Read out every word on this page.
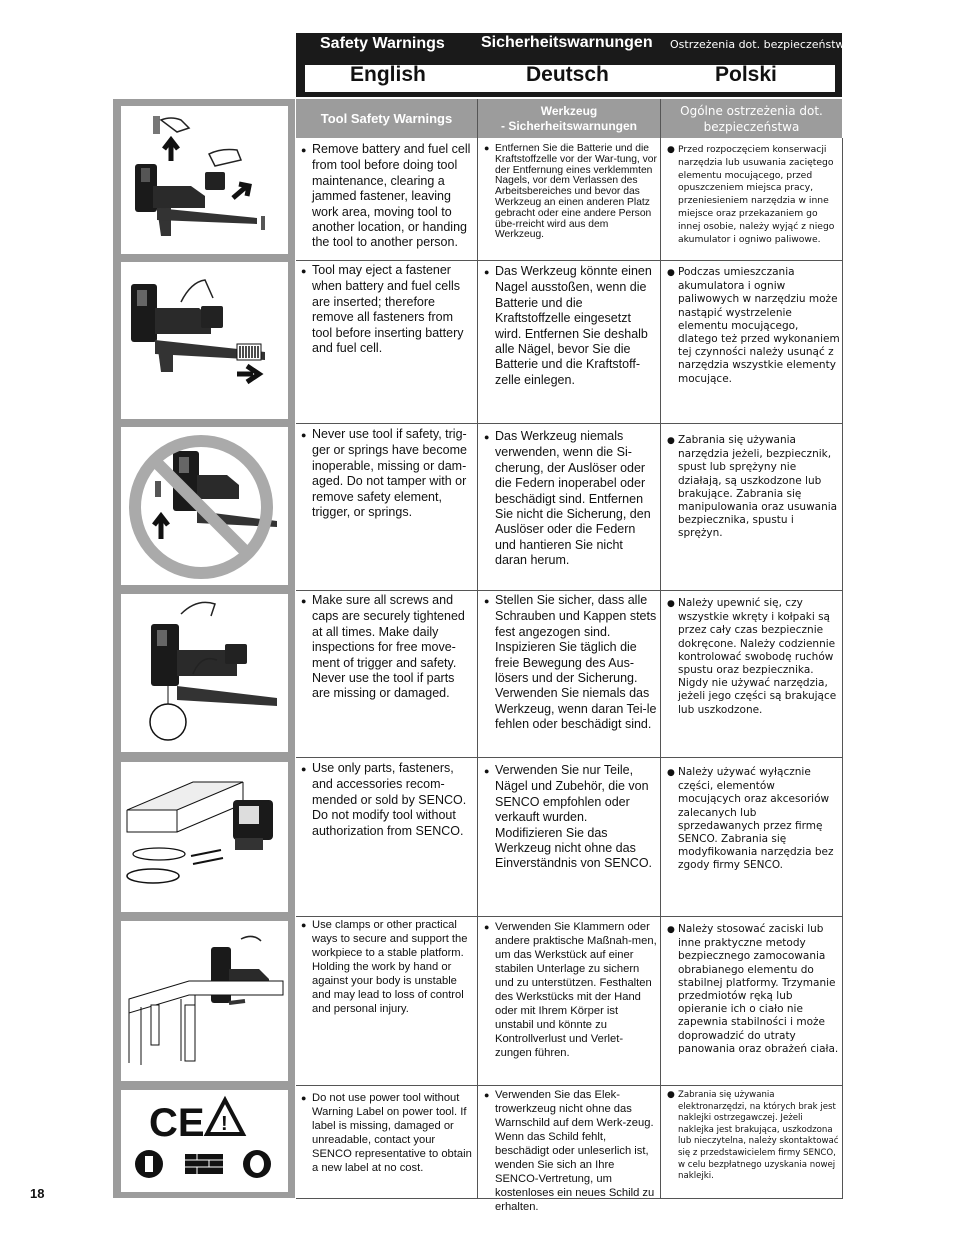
Safety Warnings Sicherheitswarnungen Ostrzeżenia dot. bezpieczeństwa
English	Deutsch	Polski
CE !
Tool Safety Warnings
Werkzeug
- Sicherheitswarnungen
Ogólne ostrzeżenia dot. bezpieczeństwa

● Remove battery and fuel cell from tool before doing tool maintenance, clearing a jammed fastener, leaving work area, moving tool to another location, or handing the tool to another person.

● Entfernen Sie die Batterie und die Kraftstoffzelle vor der War-tung, vor der Entfernung eines verklemmten Nagels, vor dem Verlassen des Arbeitsbereiches und bevor das Werkzeug an einen anderen Platz gebracht oder eine andere Person übe-rreicht wird aus dem Werkzeug.

● Przed rozpoczęciem konserwacji narzędzia lub usuwania zaciętego elementu mocującego, przed opuszczeniem miejsca pracy, przeniesieniem narzędzia w inne miejsce oraz przekazaniem go innej osobie, należy wyjąć z niego akumulator i ogniwo paliwowe.

● Tool may eject a fastener when battery and fuel cells are inserted; therefore remove all fasteners from tool before inserting battery and fuel cell.

● Das Werkzeug könnte einen Nagel ausstoßen, wenn die Batterie und die Kraftstoffzelle eingesetzt wird. Entfernen Sie deshalb alle Nägel, bevor Sie die Batterie und die Kraftstoff-zelle einlegen.

● Podczas umieszczania akumulatora i ogniw paliwowych w narzędziu może nastąpić wystrzelenie elementu mocującego, dlatego też przed wykonaniem tej czynności należy usunąć z narzędzia wszystkie elementy mocujące.

● Never use tool if safety, trig-ger or springs have become inoperable, missing or dam-aged. Do not tamper with or remove safety element, trigger, or springs.

● Das Werkzeug niemals verwenden, wenn die Si-cherung, der Auslöser oder die Federn inoperabel oder beschädigt sind. Entfernen Sie nicht die Sicherung, den Auslöser oder die Federn und hantieren Sie nicht daran herum.

● Zabrania się używania narzędzia jeżeli, bezpiecznik, spust lub sprężyny nie działają, są uszkodzone lub brakujące. Zabrania się manipulowania oraz usuwania bezpiecznika, spustu i sprężyn.

● Make sure all screws and caps are securely tightened at all times. Make daily inspections for free move-ment of trigger and safety. Never use the tool if parts are missing or damaged.

● Stellen Sie sicher, dass alle Schrauben und Kappen stets fest angezogen sind. Inspizieren Sie täglich die freie Bewegung des Aus-lösers und der Sicherung. Verwenden Sie niemals das Werkzeug, wenn daran Tei-le fehlen oder beschädigt sind.

● Należy upewnić się, czy wszystkie wkręty i kołpaki są przez cały czas bezpiecznie dokręcone. Należy codziennie kontrolować swobodę ruchów spustu oraz bezpiecznika. Nigdy nie używać narzędzia, jeżeli jego części są brakujące lub uszkodzone.

● Use only parts, fasteners, and accessories recom-mended or sold by SENCO. Do not modify tool without authorization from SENCO.

● Verwenden Sie nur Teile, Nägel und Zubehör, die von SENCO empfohlen oder verkauft wurden. Modifizieren Sie das Werkzeug nicht ohne das Einverständnis von SENCO.

● Należy używać wyłącznie części, elementów mocujących oraz akcesoriów zalecanych lub sprzedawanych przez firmę SENCO. Zabrania się modyfikowania narzędzia bez zgody firmy SENCO.

● Use clamps or other practical ways to secure and support the workpiece to a stable platform. Holding the work by hand or against your body is unstable and may lead to loss of control and personal injury.

● Verwenden Sie Klammern oder andere praktische Maßnah-men, um das Werkstück auf einer stabilen Unterlage zu sichern und zu unterstützen. Festhalten des Werkstücks mit der Hand oder mit Ihrem Körper ist unstabil und könnte zu Kontrollverlust und Verlet-zungen führen.

● Należy stosować zaciski lub inne praktyczne metody bezpiecznego zamocowania obrabianego elementu do stabilnej platformy. Trzymanie przedmiotów ręką lub opieranie ich o ciało nie zapewnia stabilności i może doprowadzić do utraty panowania oraz obrażeń ciała.

● Do not use power tool without Warning Label on power tool. If label is missing, damaged or unreadable, contact your SENCO representative to obtain a new label at no cost.

● Verwenden Sie das Elek-trowerkzeug nicht ohne das Warnschild auf dem Werk-zeug. Wenn das Schild fehlt, beschädigt oder unleserlich ist, wenden Sie sich an Ihre SENCO-Vertretung, um kostenloses ein neues Schild zu erhalten.

● Zabrania się używania elektronarzędzi, na których brak jest naklejki ostrzegawczej. Jeżeli naklejka jest brakująca, uszkodzona lub nieczytelna, należy skontaktować się z przedstawicielem firmy SENCO, w celu bezpłatnego uzyskania nowej naklejki.

18
